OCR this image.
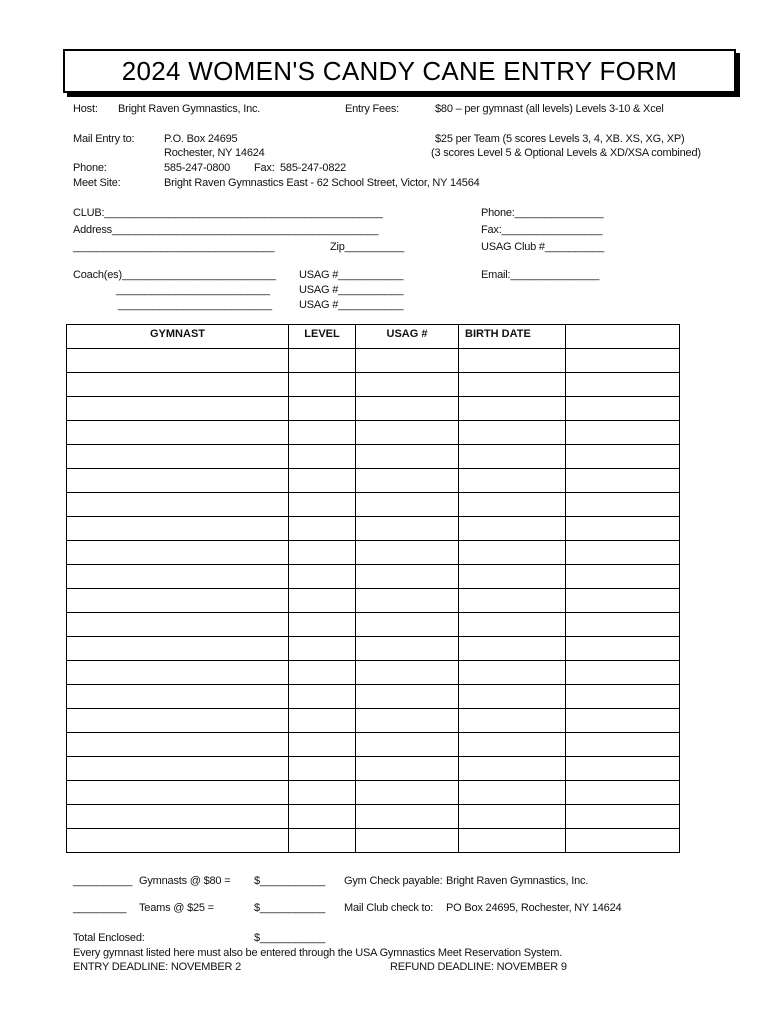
2024 WOMEN'S CANDY CANE ENTRY FORM
Host: Bright Raven Gymnastics, Inc.	Entry Fees:	$80 – per gymnast (all levels) Levels 3-10 & Xcel
Mail Entry to:	P.O. Box 24695	$25 per Team (5 scores Levels 3, 4, XB. XS, XG, XP)
Rochester, NY 14624	(3 scores Level 5 & Optional Levels & XD/XSA combined)
Phone:	585-247-0800 Fax: 585-247-0822
Meet Site:	Bright Raven Gymnastics East - 62 School Street, Victor, NY 14564
CLUB:_______________________________________________	Phone:_______________
Address_____________________________________________	Fax:_________________
__________________________________	Zip__________	USAG Club #__________
Coach(es)__________________________ USAG #___________	Email:_______________
__________________________	USAG #___________
__________________________ USAG #___________
GYMNAST	LEVEL	USAG #	BIRTH DATE	

__________ Gymnasts @ $80 = $___________ Gym Check payable: Bright Raven Gymnastics, Inc.
_________ Teams @ $25 =	$___________ Mail Club check to: PO Box 24695, Rochester, NY 14624
Total Enclosed:	$___________
Every gymnast listed here must also be entered through the USA Gymnastics Meet Reservation System.
ENTRY DEADLINE: NOVEMBER 2	REFUND DEADLINE: NOVEMBER 9
